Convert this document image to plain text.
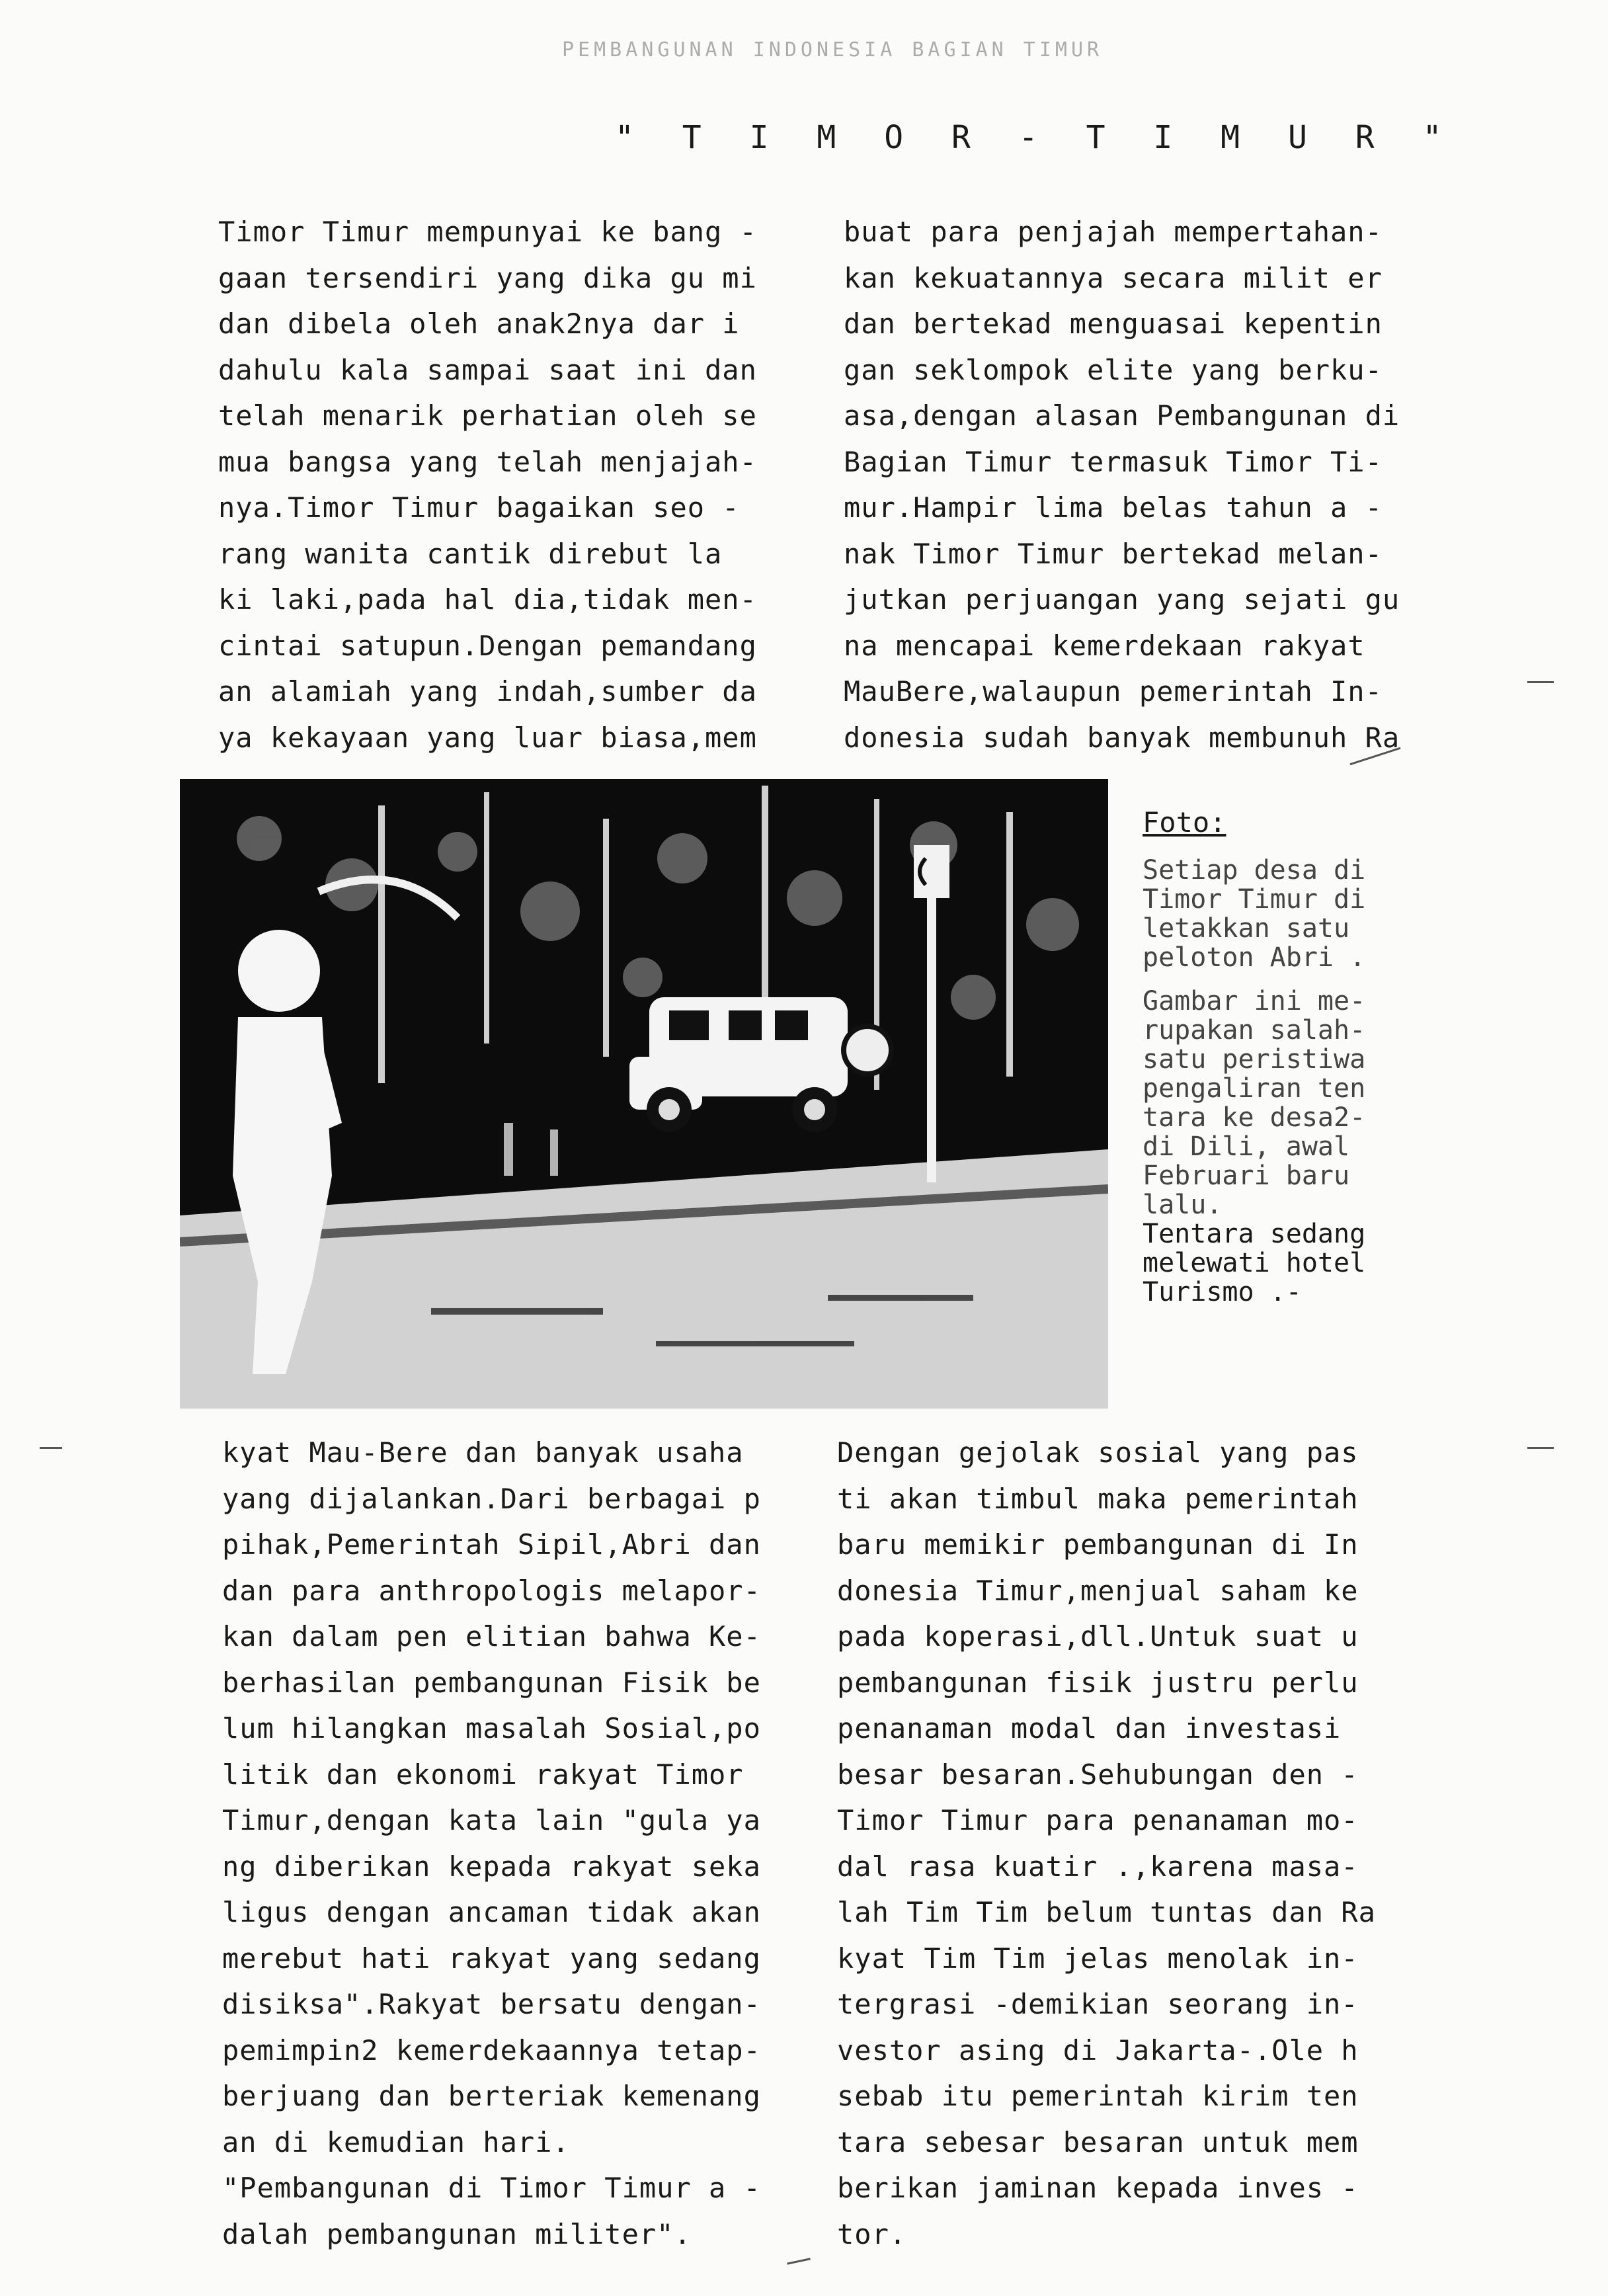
PEMBANGUNAN INDONESIA BAGIAN TIMUR
" T I M O R - T I M U R "

Timor Timur mempunyai ke bang -

gaan tersendiri yang dika gu mi

dan dibela oleh anak2nya dar i

dahulu kala sampai saat ini dan

telah menarik perhatian oleh se

mua bangsa yang telah menjajah-

nya.Timor Timur bagaikan seo -

rang wanita cantik direbut la

ki laki,pada hal dia,tidak men-

cintai satupun.Dengan pemandang

an alamiah yang indah,sumber da

ya kekayaan yang luar biasa,mem

buat para penjajah mempertahan-

kan kekuatannya secara milit er

dan bertekad menguasai kepentin

gan seklompok elite yang berku-

asa,dengan alasan Pembangunan di

Bagian Timur termasuk Timor Ti-

mur.Hampir lima belas tahun a -

nak Timor Timur bertekad melan-

jutkan perjuangan yang sejati gu

na mencapai kemerdekaan rakyat

MauBere,walaupun pemerintah In-

donesia sudah banyak membunuh Ra

Foto:
Setiap desa di
Timor Timur di
letakkan satu
peloton Abri .
Gambar ini me-
rupakan salah-
satu peristiwa
pengaliran ten
tara ke desa2-
di Dili, awal
Februari baru
lalu.
Tentara sedang
melewati hotel
Turismo .-

kyat Mau-Bere dan banyak usaha

yang dijalankan.Dari berbagai p

pihak,Pemerintah Sipil,Abri dan

dan para anthropologis melapor-

kan dalam pen elitian bahwa Ke-

berhasilan pembangunan Fisik be

lum hilangkan masalah Sosial,po

litik dan ekonomi rakyat Timor

Timur,dengan kata lain "gula ya

ng diberikan kepada rakyat seka

ligus dengan ancaman tidak akan

merebut hati rakyat yang sedang

disiksa".Rakyat bersatu dengan-

pemimpin2 kemerdekaannya tetap-

berjuang dan berteriak kemenang

an di kemudian hari.

"Pembangunan di Timor Timur a -

dalah pembangunan militer".

Dengan gejolak sosial yang pas

ti akan timbul maka pemerintah

baru memikir pembangunan di In

donesia Timur,menjual saham ke

pada koperasi,dll.Untuk suat u

pembangunan fisik justru perlu

penanaman modal dan investasi

besar besaran.Sehubungan den -

Timor Timur para penanaman mo-

dal rasa kuatir .,karena masa-

lah Tim Tim belum tuntas dan Ra

kyat Tim Tim jelas menolak in-

tergrasi -demikian seorang in-

vestor asing di Jakarta-.Ole h

sebab itu pemerintah kirim ten

tara sebesar besaran untuk mem

berikan jaminan kepada inves -

tor.
